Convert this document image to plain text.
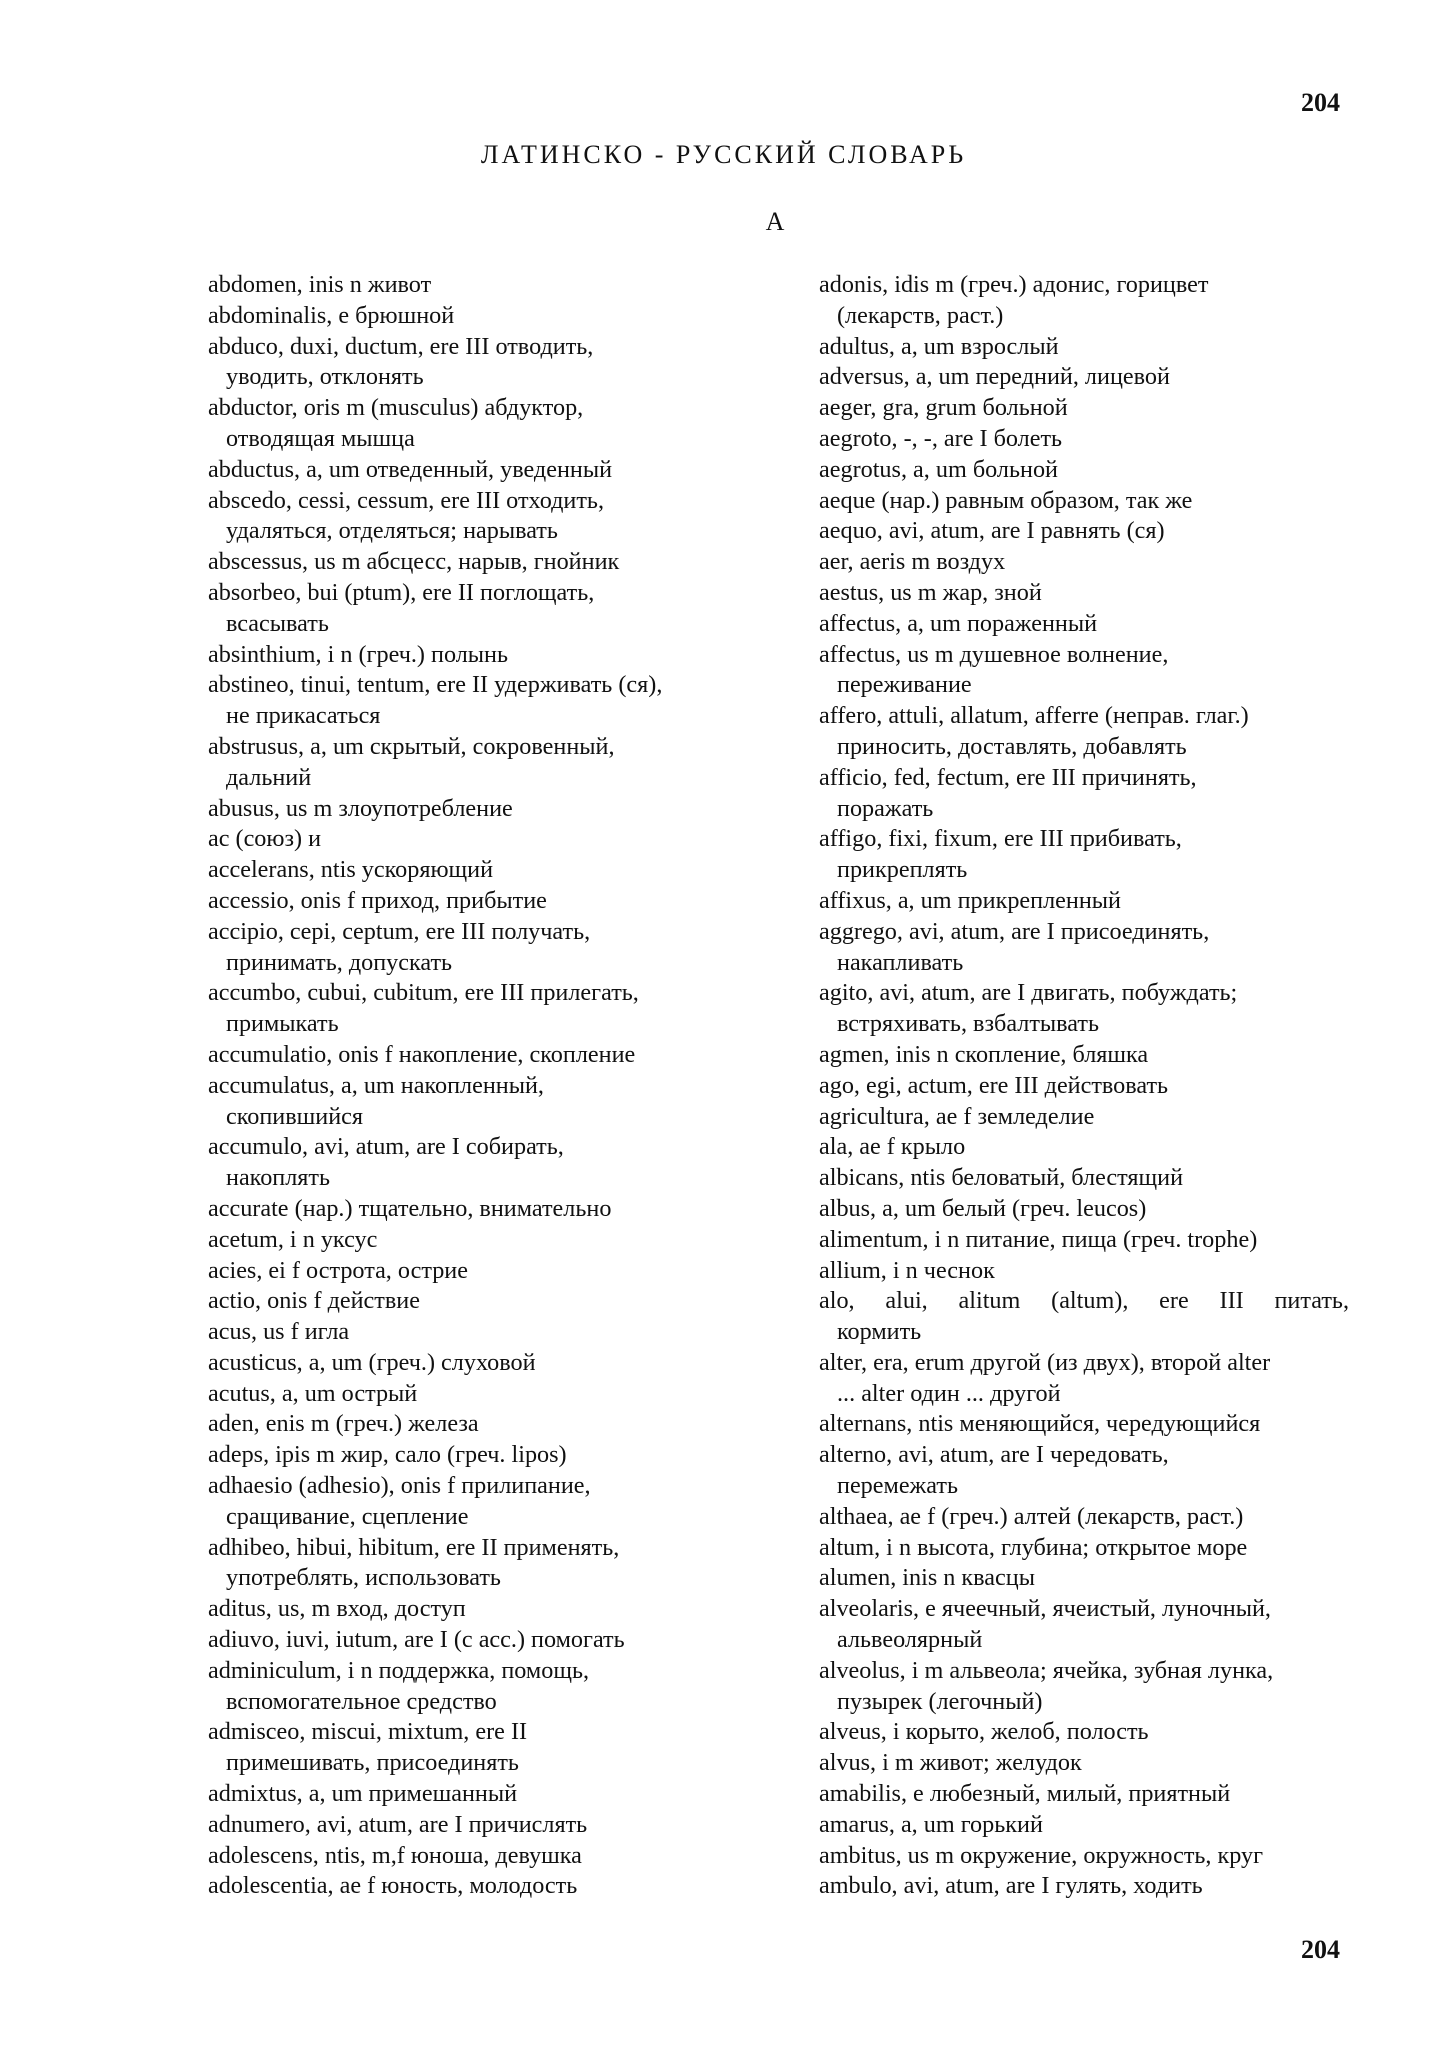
204
ЛАТИНСКО - РУССКИЙ СЛОВАРЬ
А
abdomen, inis n живот
abdominalis, e брюшной
abduco, duxi, ductum, ere III отводить,
уводить, отклонять
abductor, oris m (musculus) абдуктор,
отводящая мышца
abductus, a, um отведенный, уведенный
abscedo, cessi, cessum, ere III отходить,
удаляться, отделяться; нарывать
abscessus, us m абсцесс, нарыв, гнойник
absorbeo, bui (ptum), ere II поглощать,
всасывать
absinthium, i n (греч.) полынь
abstineo, tinui, tentum, ere II удерживать (ся),
не прикасаться
abstrusus, a, um скрытый, сокровенный,
дальний
abusus, us m злоупотребление
ac (союз) и
accelerans, ntis ускоряющий
accessio, onis f приход, прибытие
accipio, cepi, ceptum, ere III получать,
принимать, допускать
accumbo, cubui, cubitum, ere III прилегать,
примыкать
accumulatio, onis f накопление, скопление
accumulatus, a, um накопленный,
скопившийся
accumulo, avi, atum, are I собирать,
накоплять
accurate (нар.) тщательно, внимательно
acetum, i n уксус
acies, ei f острота, острие
actio, onis f действие
acus, us f игла
acusticus, a, um (греч.) слуховой
acutus, a, um острый
aden, enis m (греч.) железа
adeps, ipis m жир, сало (греч. lipos)
adhaesio (adhesio), onis f прилипание,
сращивание, сцепление
adhibeo, hibui, hibitum, ere II применять,
употреблять, использовать
aditus, us, m вход, доступ
adiuvo, iuvi, iutum, are I (с acc.) помогать
adminiculum, i n поддержка, помощь,
вспомогательное средство
admisceo, miscui, mixtum, ere II
примешивать, присоединять
admixtus, a, um примешанный
adnumero, avi, atum, are I причислять
adolescens, ntis, m,f юноша, девушка
adolescentia, ae f юность, молодость
adonis, idis m (греч.) адонис, горицвет
(лекарств, раст.)
adultus, a, um взрослый
adversus, a, um передний, лицевой
aeger, gra, grum больной
aegroto, -, -, are I болеть
aegrotus, a, um больной
aeque (нар.) равным образом, так же
aequo, avi, atum, are I равнять (ся)
aer, aeris m воздух
aestus, us m жар, зной
affectus, a, um пораженный
affectus, us m душевное волнение,
переживание
affero, attuli, allatum, afferre (неправ. глаг.)
приносить, доставлять, добавлять
afficio, fed, fectum, ere III причинять,
поражать
affigo, fixi, fixum, ere III прибивать,
прикреплять
affixus, a, um прикрепленный
aggrego, avi, atum, are I присоединять,
накапливать
agito, avi, atum, are I двигать, побуждать;
встряхивать, взбалтывать
agmen, inis n скопление, бляшка
ago, egi, actum, ere III действовать
agricultura, ae f земледелие
ala, ae f крыло
albicans, ntis беловатый, блестящий
albus, a, um белый (греч. leucos)
alimentum, i n питание, пища (греч. trophe)
allium, i n чеснок
alo, alui, alitum (altum), ere III питать,
кормить
alter, era, erum другой (из двух), второй alter
... alter один ... другой
alternans, ntis меняющийся, чередующийся
alterno, avi, atum, are I чередовать,
перемежать
althaea, ae f (греч.) алтей (лекарств, раст.)
altum, i n высота, глубина; открытое море
alumen, inis n квасцы
alveolaris, e ячеечный, ячеистый, луночный,
альвеолярный
alveolus, i m альвеола; ячейка, зубная лунка,
пузырек (легочный)
alveus, i корыто, желоб, полость
alvus, i m живот; желудок
amabilis, e любезный, милый, приятный
amarus, a, um горький
ambitus, us m окружение, окружность, круг
ambulo, avi, atum, are I гулять, ходить
204
